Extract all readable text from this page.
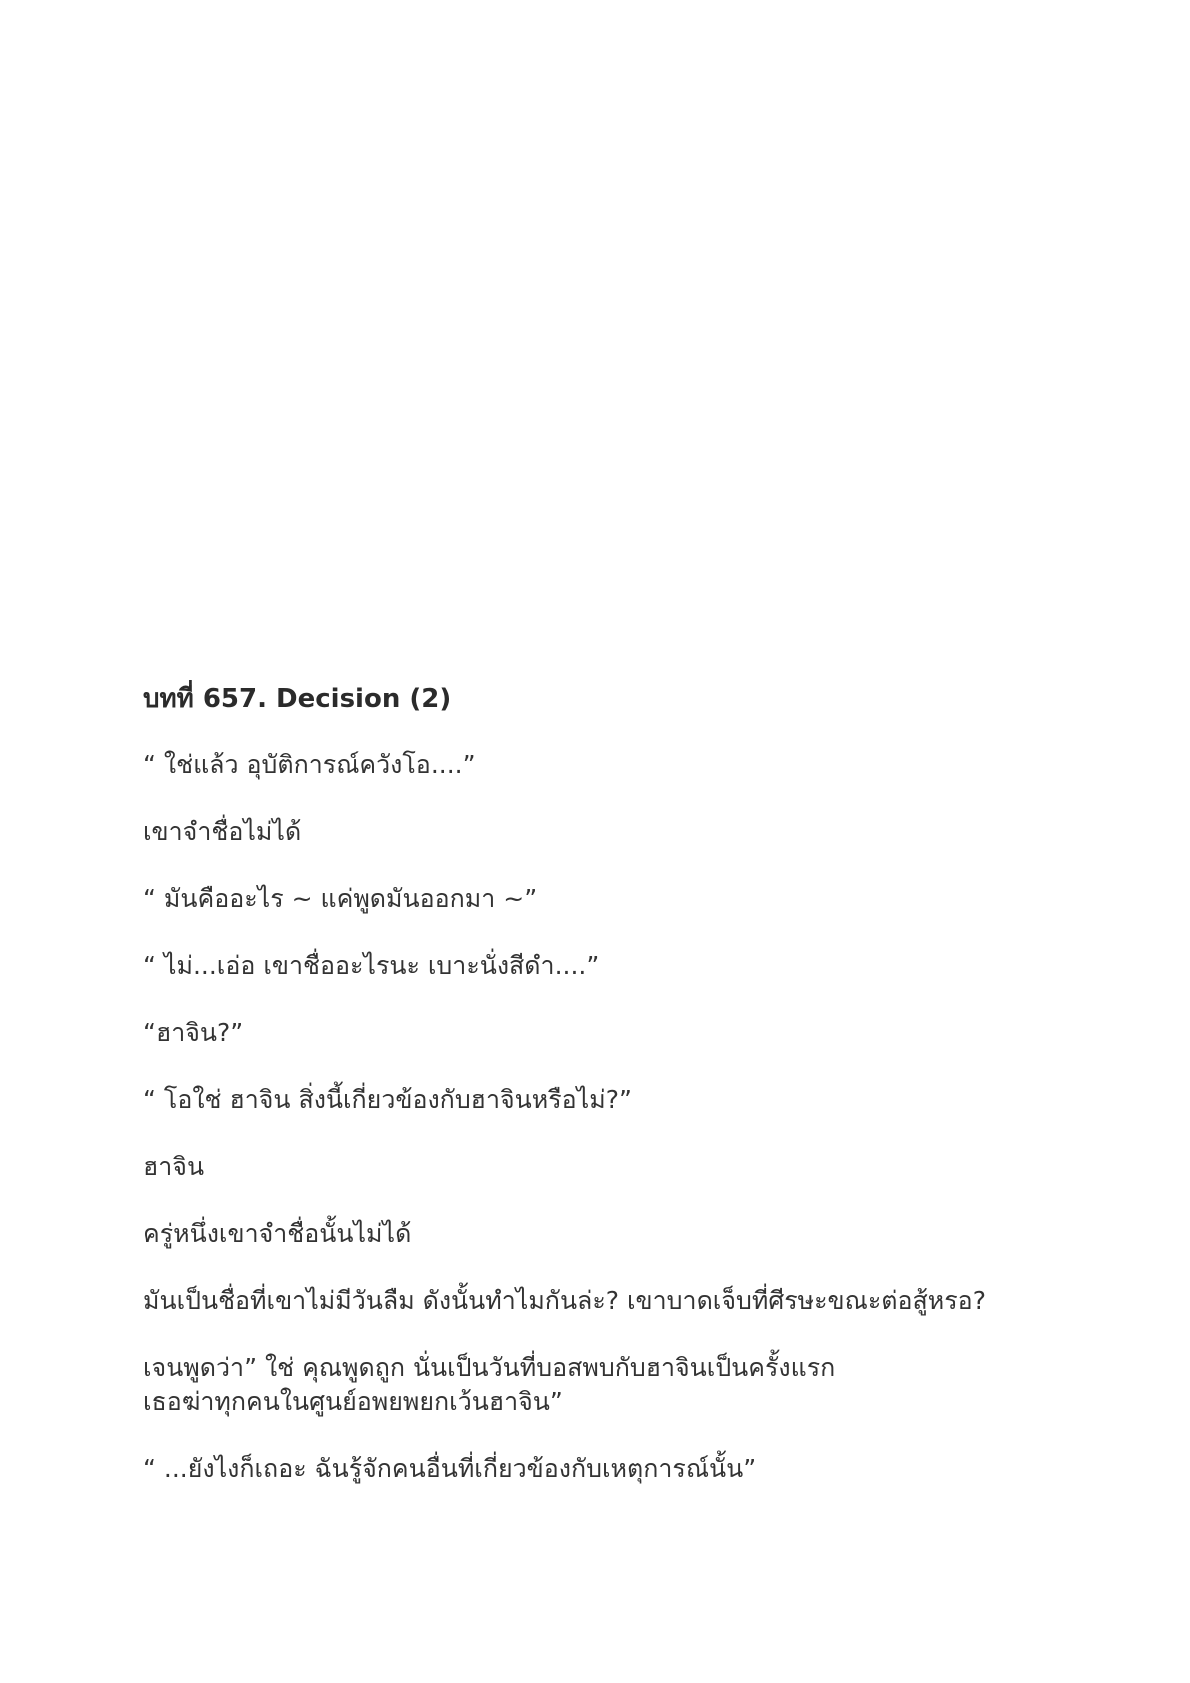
บทที่ 657. Decision (2)
“ ใช่แล้ว อุบัติการณ์ควังโอ....”
เขาจำชื่อไม่ได้
“ มันคืออะไร ~ แค่พูดมันออกมา ~”
“ ไม่...เอ่อ เขาชื่ออะไรนะ เบาะนั่งสีดำ....”
“ฮาจิน?”
“ โอใช่ ฮาจิน สิ่งนี้เกี่ยวข้องกับฮาจินหรือไม่?”
ฮาจิน
ครู่หนึ่งเขาจำชื่อนั้นไม่ได้
มันเป็นชื่อที่เขาไม่มีวันลืม ดังนั้นทำไมกันล่ะ? เขาบาดเจ็บที่ศีรษะขณะต่อสู้หรอ?
เจนพูดว่า” ใช่ คุณพูดถูก นั่นเป็นวันที่บอสพบกับฮาจินเป็นครั้งแรก
เธอฆ่าทุกคนในศูนย์อพยพยกเว้นฮาจิน”
“ ...ยังไงก็เถอะ ฉันรู้จักคนอื่นที่เกี่ยวข้องกับเหตุการณ์นั้น”
